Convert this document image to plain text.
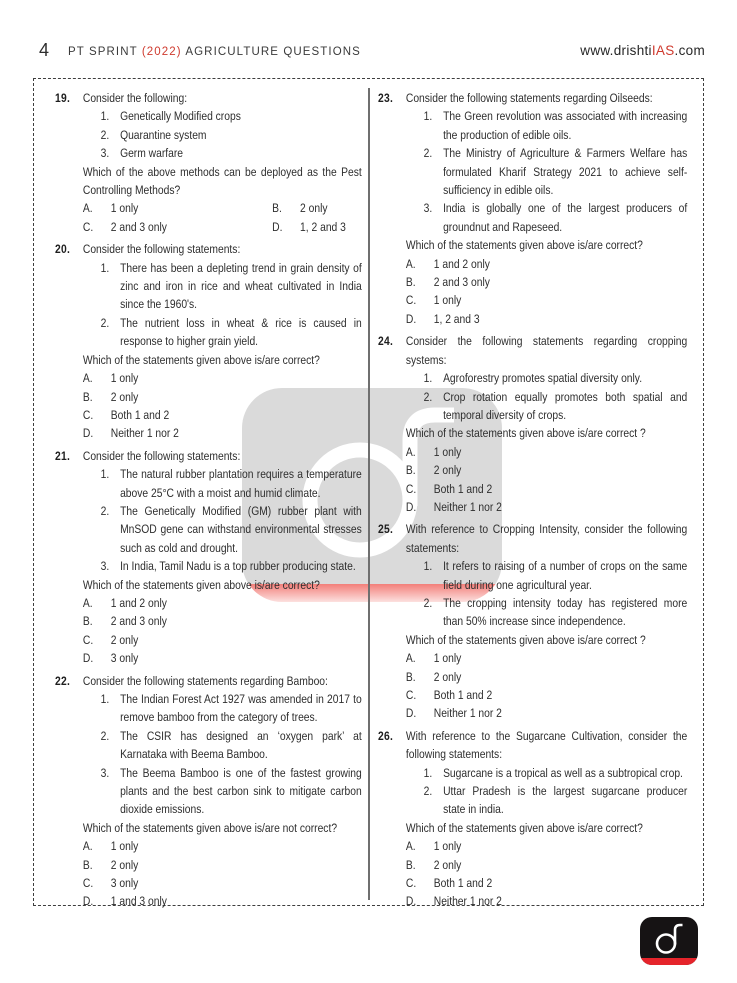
4 PT SPRINT (2022) AGRICULTURE QUESTIONS	www.drishtiIAS.com
19. Consider the following:
1. Genetically Modified crops
2. Quarantine system
3. Germ warfare
Which of the above methods can be deployed as the Pest Controlling Methods?
A. 1 only	B. 2 only
C. 2 and 3 only	D. 1, 2 and 3
20. Consider the following statements:
1. There has been a depleting trend in grain density of zinc and iron in rice and wheat cultivated in India since the 1960's.
2. The nutrient loss in wheat & rice is caused in response to higher grain yield.
Which of the statements given above is/are correct?
A. 1 only
B. 2 only
C. Both 1 and 2
D. Neither 1 nor 2
21. Consider the following statements:
1. The natural rubber plantation requires a temperature above 25°C with a moist and humid climate.
2. The Genetically Modified (GM) rubber plant with MnSOD gene can withstand environmental stresses such as cold and drought.
3. In India, Tamil Nadu is a top rubber producing state.
Which of the statements given above is/are correct?
A. 1 and 2 only
B. 2 and 3 only
C. 2 only
D. 3 only
22. Consider the following statements regarding Bamboo:
1. The Indian Forest Act 1927 was amended in 2017 to remove bamboo from the category of trees.
2. The CSIR has designed an ‘oxygen park’ at Karnataka with Beema Bamboo.
3. The Beema Bamboo is one of the fastest growing plants and the best carbon sink to mitigate carbon dioxide emissions.
Which of the statements given above is/are not correct?
A. 1 only
B. 2 only
C. 3 only
D. 1 and 3 only
23. Consider the following statements regarding Oilseeds:
1. The Green revolution was associated with increasing the production of edible oils.
2. The Ministry of Agriculture & Farmers Welfare has formulated Kharif Strategy 2021 to achieve self-sufficiency in edible oils.
3. India is globally one of the largest producers of groundnut and Rapeseed.
Which of the statements given above is/are correct?
A. 1 and 2 only
B. 2 and 3 only
C. 1 only
D. 1, 2 and 3
24. Consider the following statements regarding cropping systems:
1. Agroforestry promotes spatial diversity only.
2. Crop rotation equally promotes both spatial and temporal diversity of crops.
Which of the statements given above is/are correct ?
A. 1 only
B. 2 only
C. Both 1 and 2
D. Neither 1 nor 2
25. With reference to Cropping Intensity, consider the following statements:
1. It refers to raising of a number of crops on the same field during one agricultural year.
2. The cropping intensity today has registered more than 50% increase since independence.
Which of the statements given above is/are correct ?
A. 1 only
B. 2 only
C. Both 1 and 2
D. Neither 1 nor 2
26. With reference to the Sugarcane Cultivation, consider the following statements:
1. Sugarcane is a tropical as well as a subtropical crop.
2. Uttar Pradesh is the largest sugarcane producer state in india.
Which of the statements given above is/are correct?
A. 1 only
B. 2 only
C. Both 1 and 2
D. Neither 1 nor 2
